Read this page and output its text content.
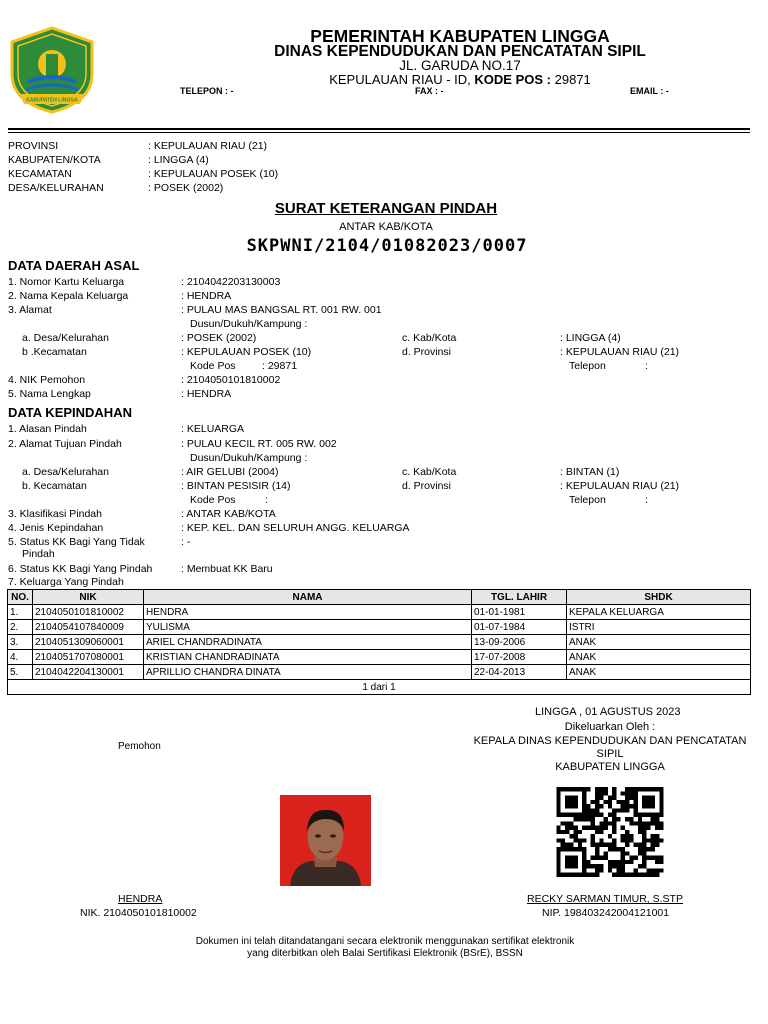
KABUPATEN LINGGA
PEMERINTAH KABUPATEN LINGGA
DINAS KEPENDUDUKAN DAN PENCATATAN SIPIL
JL. GARUDA NO.17
KEPULAUAN RIAU - ID, KODE POS : 29871
TELEPON : -	FAX : -	EMAIL : -
PROVINSI	: KEPULAUAN RIAU (21)
KABUPATEN/KOTA	: LINGGA (4)
KECAMATAN	: KEPULAUAN POSEK (10)
DESA/KELURAHAN	: POSEK (2002)
SURAT KETERANGAN PINDAH
ANTAR KAB/KOTA
SKPWNI/2104/01082023/0007
DATA DAERAH ASAL
1. Nomor Kartu Keluarga	: 2104042203130003
2. Nama Kepala Keluarga	: HENDRA
3. Alamat	: PULAU MAS BANGSAL RT. 001 RW. 001
Dusun/Dukuh/Kampung :
a. Desa/Kelurahan	: POSEK (2002)	c. Kab/Kota	: LINGGA (4)
b .Kecamatan	: KEPULAUAN POSEK (10)	d. Provinsi	: KEPULAUAN RIAU (21)
Kode Pos	: 29871	Telepon	:
4. NIK Pemohon	: 2104050101810002
5. Nama Lengkap	: HENDRA
DATA KEPINDAHAN
1. Alasan Pindah	: KELUARGA
2. Alamat Tujuan Pindah	: PULAU KECIL RT. 005 RW. 002
Dusun/Dukuh/Kampung :
a. Desa/Kelurahan	: AIR GELUBI (2004)	c. Kab/Kota	: BINTAN (1)
b. Kecamatan	: BINTAN PESISIR (14)	d. Provinsi	: KEPULAUAN RIAU (21)
Kode Pos	:	Telepon	:
3. Klasifikasi Pindah	: ANTAR KAB/KOTA
4. Jenis Kepindahan	: KEP. KEL. DAN SELURUH ANGG. KELUARGA
5. Status KK Bagi Yang Tidak
Pindah
: -
6. Status KK Bagi Yang Pindah	: Membuat KK Baru
7. Keluarga Yang Pindah
NO.	NIK	NAMA	TGL. LAHIR	SHDK
1.	2104050101810002	HENDRA	01-01-1981	KEPALA KELUARGA
2.	2104054107840009	YULISMA	01-07-1984	ISTRI
3.	2104051309060001	ARIEL CHANDRADINATA	13-09-2006	ANAK
4.	2104051707080001	KRISTIAN CHANDRADINATA	17-07-2008	ANAK
5.	2104042204130001	APRILLIO CHANDRA DINATA	22-04-2013	ANAK
1 dari 1				
LINGGA , 01 AGUSTUS 2023
Dikeluarkan Oleh :
KEPALA DINAS KEPENDUDUKAN DAN PENCATATAN
SIPIL
KABUPATEN LINGGA
Pemohon
HENDRA
NIK. 2104050101810002
RECKY SARMAN TIMUR, S.STP
NIP. 198403242004121001
Dokumen ini telah ditandatangani secara elektronik menggunakan sertifikat elektronik
yang diterbitkan oleh Balai Sertifikasi Elektronik (BSrE), BSSN
